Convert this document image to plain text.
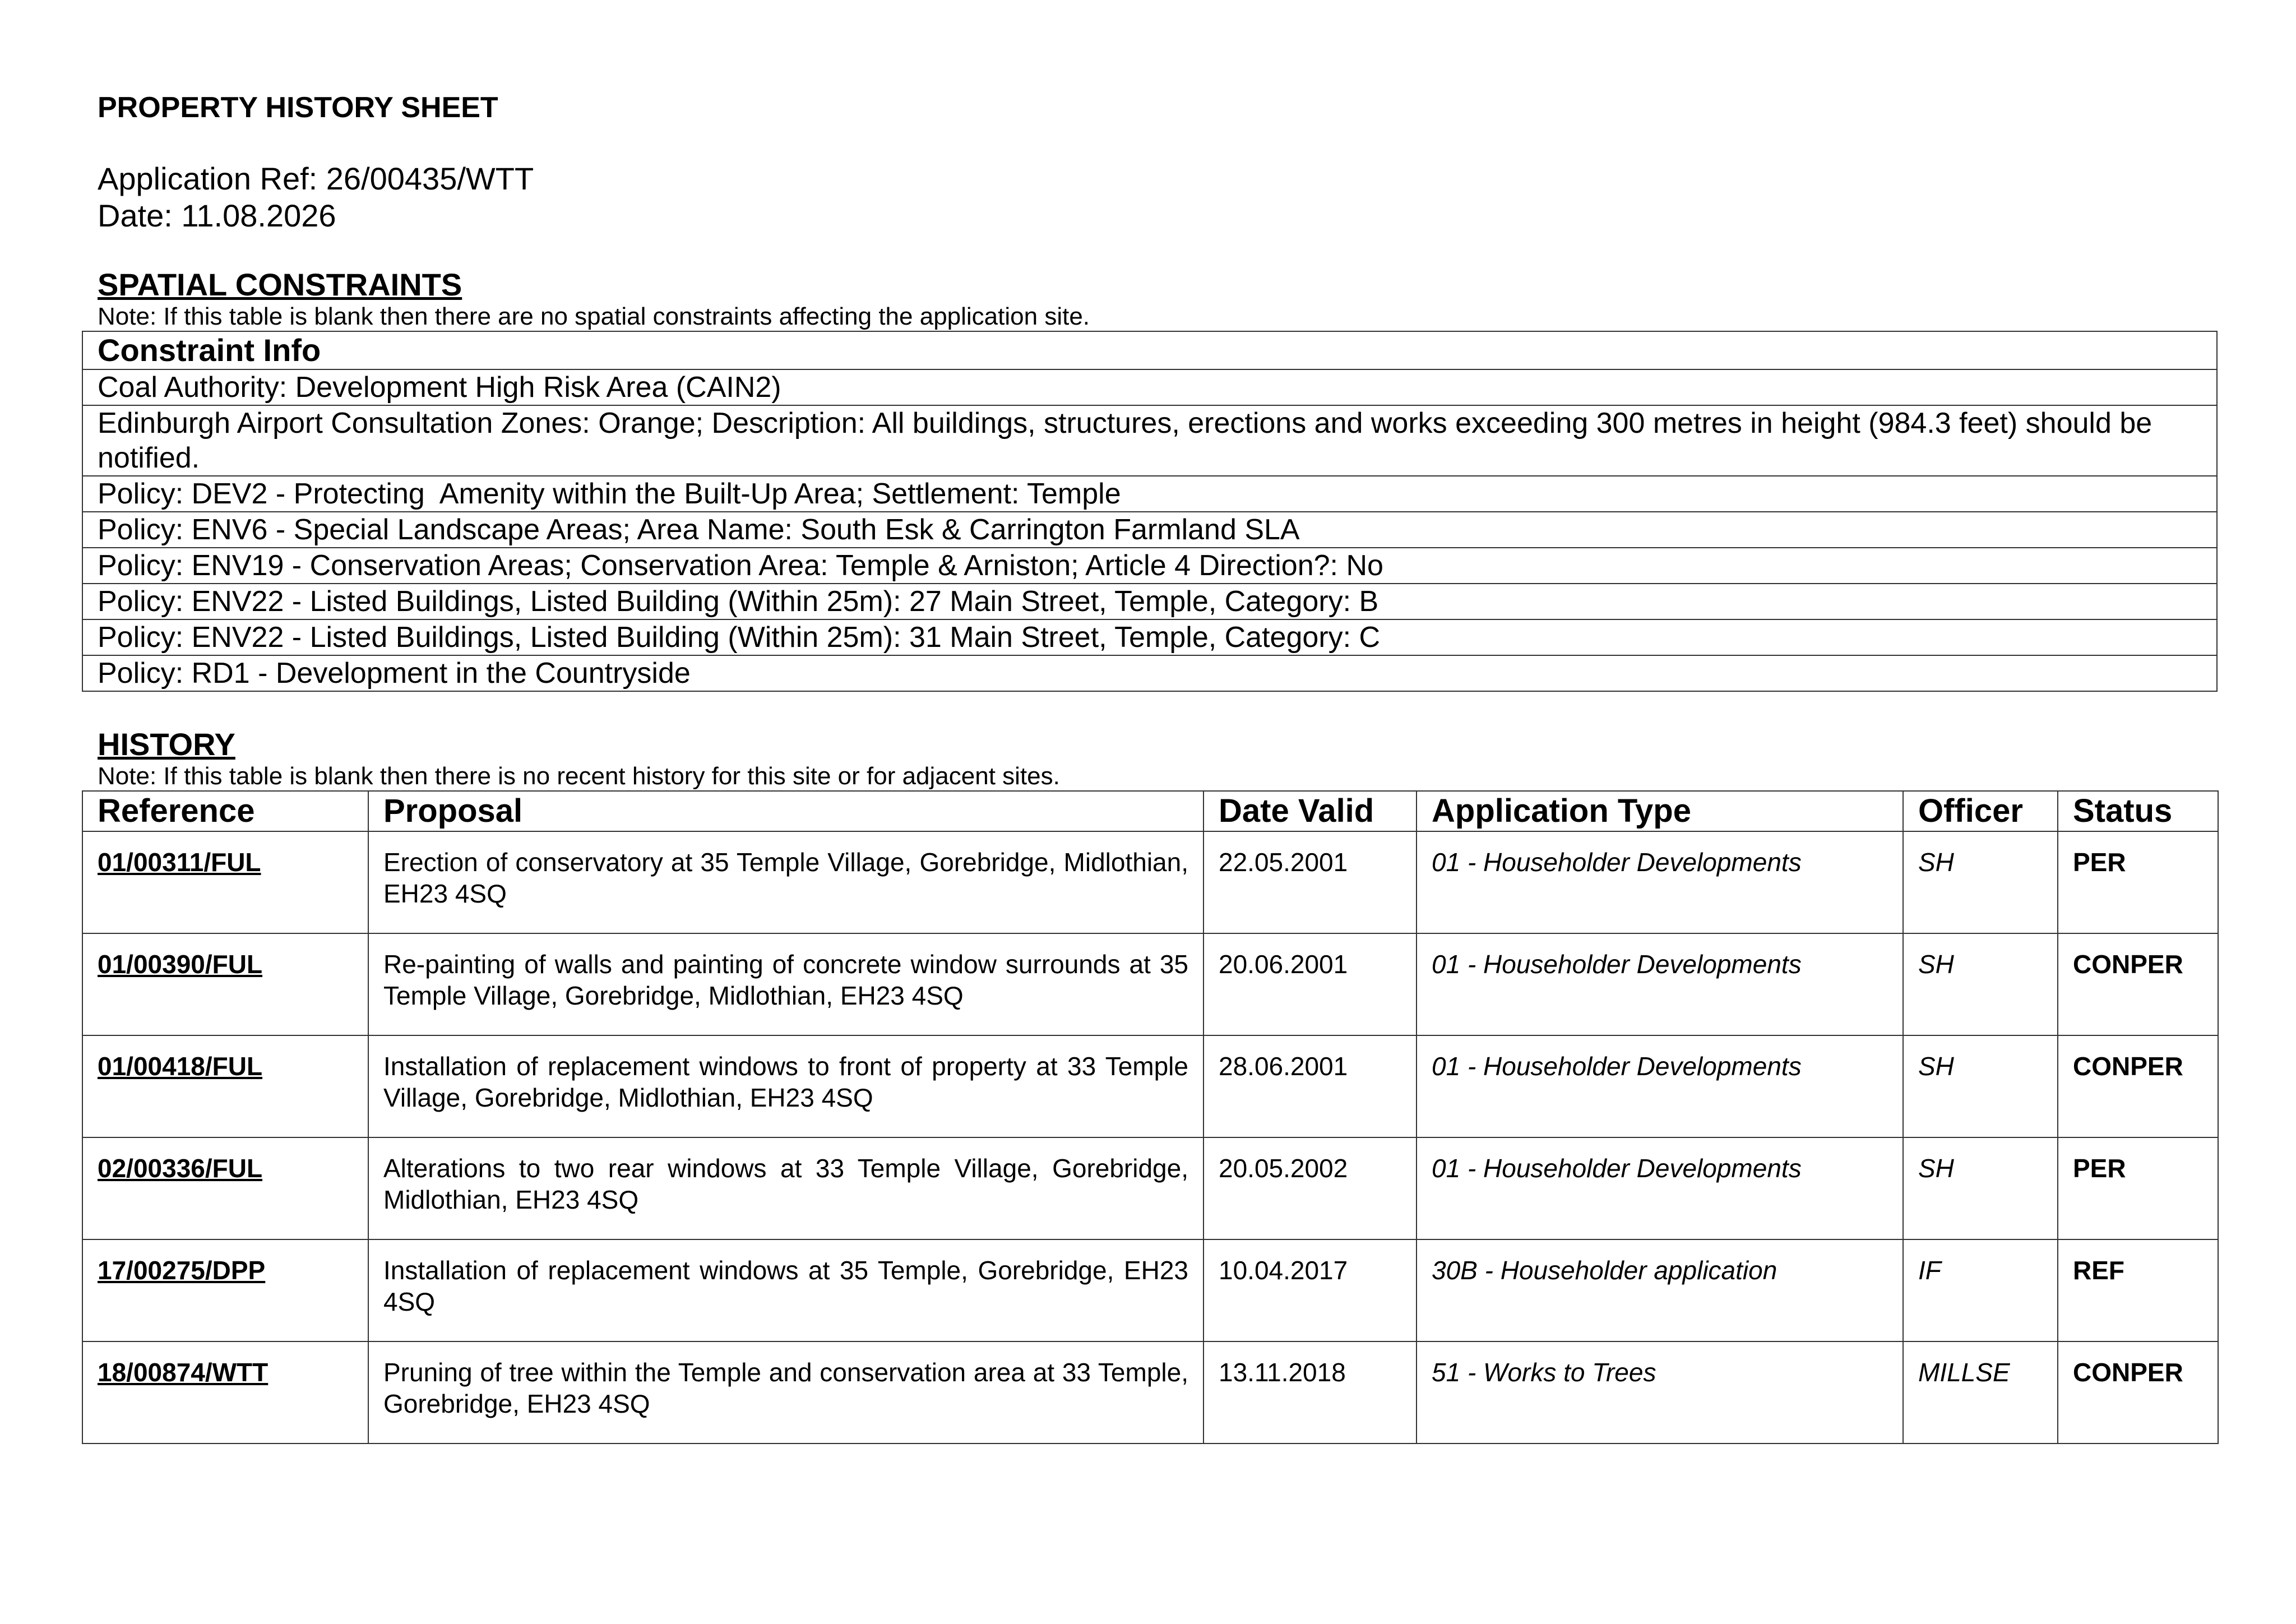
PROPERTY HISTORY SHEET
Application Ref: 26/00435/WTT
Date: 11.08.2026
SPATIAL CONSTRAINTS

Note: If this table is blank then there are no spatial constraints affecting the application site.

Constraint Info
Coal Authority: Development High Risk Area (CAIN2)
Edinburgh Airport Consultation Zones: Orange; Description: All buildings, structures, erections and works exceeding 300 metres in height (984.3 feet) should be notified.
Policy: DEV2 - Protecting  Amenity within the Built-Up Area; Settlement: Temple
Policy: ENV6 - Special Landscape Areas; Area Name: South Esk & Carrington Farmland SLA
Policy: ENV19 - Conservation Areas; Conservation Area: Temple & Arniston; Article 4 Direction?: No
Policy: ENV22 - Listed Buildings, Listed Building (Within 25m): 27 Main Street, Temple, Category: B
Policy: ENV22 - Listed Buildings, Listed Building (Within 25m): 31 Main Street, Temple, Category: C
Policy: RD1 - Development in the Countryside
HISTORY

Note: If this table is blank then there is no recent history for this site or for adjacent sites.

Reference	Proposal	Date Valid	Application Type	Officer	Status
01/00311/FUL	Erection of conservatory at 35 Temple Village, Gorebridge, Midlothian, EH23 4SQ	22.05.2001	01 - Householder Developments	SH	PER
01/00390/FUL	Re-painting of walls and painting of concrete window surrounds at 35 Temple Village, Gorebridge, Midlothian, EH23 4SQ	20.06.2001	01 - Householder Developments	SH	CONPER
01/00418/FUL	Installation of replacement windows to front of property at 33 Temple Village, Gorebridge, Midlothian, EH23 4SQ	28.06.2001	01 - Householder Developments	SH	CONPER
02/00336/FUL	Alterations to two rear windows at 33 Temple Village, Gorebridge, Midlothian, EH23 4SQ	20.05.2002	01 - Householder Developments	SH	PER
17/00275/DPP	Installation of replacement windows at 35 Temple, Gorebridge, EH23 4SQ	10.04.2017	30B - Householder application	IF	REF
18/00874/WTT	Pruning of tree within the Temple and conservation area at 33 Temple, Gorebridge, EH23 4SQ	13.11.2018	51 - Works to Trees	MILLSE	CONPER
